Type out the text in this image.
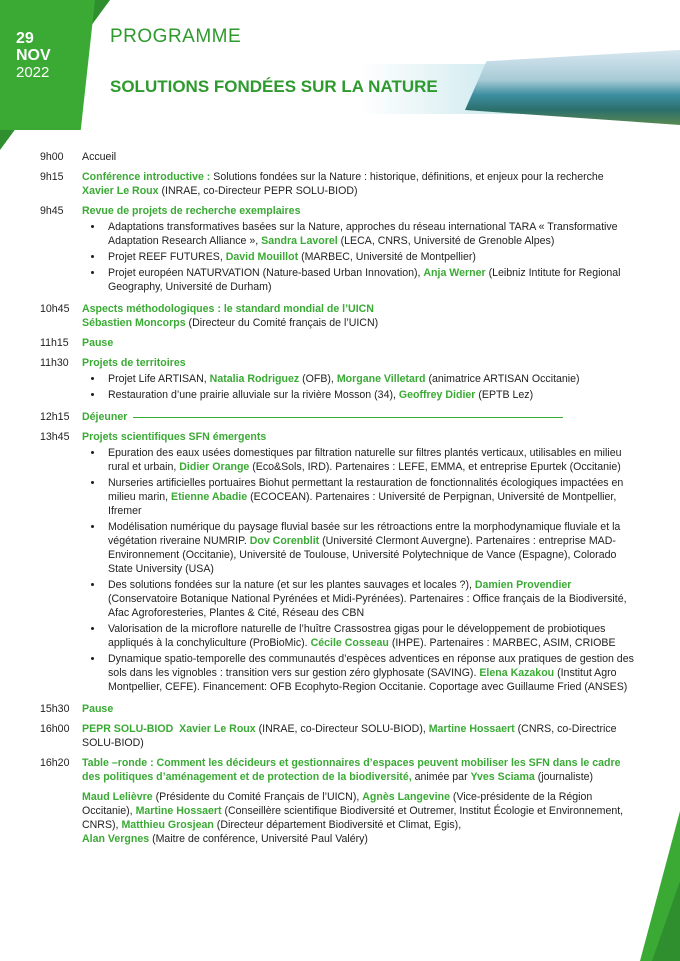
29
NOV
2022
PROGRAMME
SOLUTIONS FONDÉES SUR LA NATURE
9h00	Accueil
9h15	Conférence introductive : Solutions fondées sur la Nature : historique, définitions, et enjeux pour la recherche
Xavier Le Roux (INRAE, co-Directeur PEPR SOLU-BIOD)
9h45	Revue de projets de recherche exemplaires
• Adaptations transformatives basées sur la Nature, approches du réseau international TARA « Transformative Adaptation Research Alliance », Sandra Lavorel (LECA, CNRS, Université de Grenoble Alpes)
• Projet REEF FUTURES, David Mouillot (MARBEC, Université de Montpellier)
• Projet européen NATURVATION (Nature-based Urban Innovation), Anja Werner (Leibniz Intitute for Regional Geography, Université de Durham)
10h45	Aspects méthodologiques : le standard mondial de l’UICN
Sébastien Moncorps (Directeur du Comité français de l’UICN)
11h15	Pause
11h30	Projets de territoires
• Projet Life ARTISAN, Natalia Rodriguez (OFB), Morgane Villetard (animatrice ARTISAN Occitanie)
• Restauration d’une prairie alluviale sur la rivière Mosson (34), Geoffrey Didier (EPTB Lez)
12h15	Déjeuner
13h45	Projets scientifiques SFN émergents
• Epuration des eaux usées domestiques par filtration naturelle sur filtres plantés verticaux, utilisables en milieu rural et urbain, Didier Orange (Eco&Sols, IRD). Partenaires : LEFE, EMMA, et entreprise Epurtek (Occitanie)
• Nurseries artificielles portuaires Biohut permettant la restauration de fonctionnalités écologiques impactées en milieu marin, Etienne Abadie (ECOCEAN). Partenaires : Université de Perpignan, Université de Montpellier, Ifremer
• Modélisation numérique du paysage fluvial basée sur les rétroactions entre la morphodynamique fluviale et la végétation riveraine NUMRIP. Dov Corenblit (Université Clermont Auvergne). Partenaires : entreprise MAD-Environnement (Occitanie), Université de Toulouse, Université Polytechnique de Vance (Espagne), Colorado State University (USA)
• Des solutions fondées sur la nature (et sur les plantes sauvages et locales ?), Damien Provendier (Conservatoire Botanique National Pyrénées et Midi-Pyrénées). Partenaires : Office français de la Biodiversité, Afac Agroforesteries, Plantes & Cité, Réseau des CBN
• Valorisation de la microflore naturelle de l’huître Crassostrea gigas pour le développement de probiotiques appliqués à la conchyliculture (ProBioMic). Cécile Cosseau (IHPE). Partenaires : MARBEC, ASIM, CRIOBE
• Dynamique spatio-temporelle des communautés d’espèces adventices en réponse aux pratiques de gestion des sols dans les vignobles : transition vers sur gestion zéro glyphosate (SAVING). Elena Kazakou (Institut Agro Montpellier, CEFE). Financement: OFB Ecophyto-Region Occitanie. Coportage avec Guillaume Fried (ANSES)
15h30	Pause
16h00	PEPR SOLU-BIOD Xavier Le Roux (INRAE, co-Directeur SOLU-BIOD), Martine Hossaert (CNRS, co-Directrice SOLU-BIOD)
16h20	Table –ronde : Comment les décideurs et gestionnaires d’espaces peuvent mobiliser les SFN dans le cadre des politiques d’aménagement et de protection de la biodiversité, animée par Yves Sciama (journaliste)
Maud Lelièvre (Présidente du Comité Français de l’UICN), Agnès Langevine (Vice-présidente de la Région Occitanie), Martine Hossaert (Conseillère scientifique Biodiversité et Outremer, Institut Écologie et Environnement, CNRS), Matthieu Grosjean (Directeur département Biodiversité et Climat, Egis),
Alan Vergnes (Maitre de conférence, Université Paul Valéry)
